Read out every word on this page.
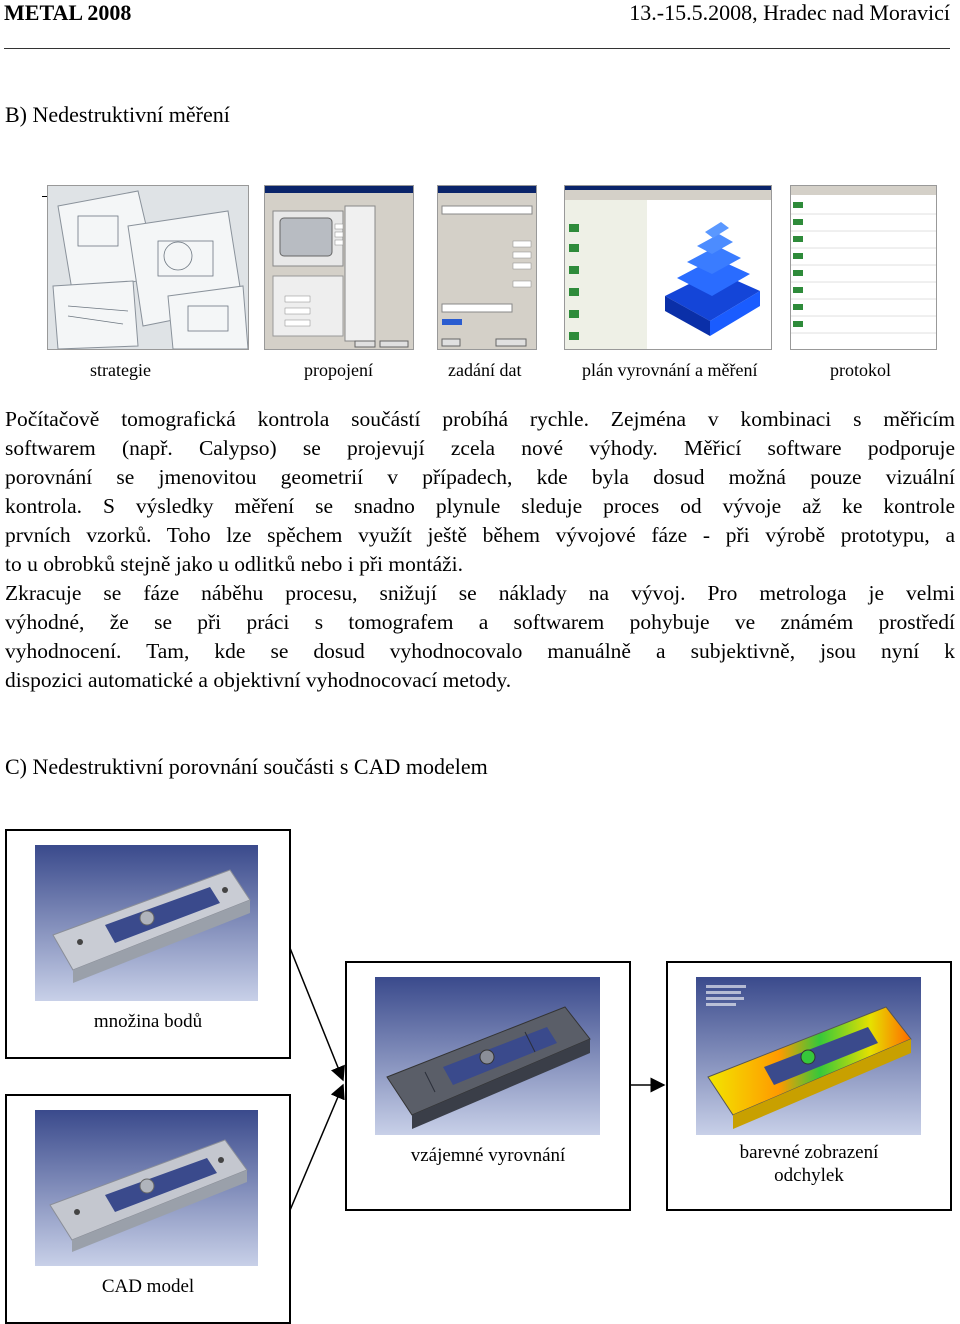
METAL 2008	13.-15.5.2008, Hradec nad Moravicí
B) Nedestruktivní měření
strategie	propojení	zadání dat	plán vyrovnání a měření	protokol
Počítačově tomografická kontrola součástí probíhá rychle. Zejména v kombinaci s měřicím
softwarem (např. Calypso) se projevují zcela nové výhody. Měřicí software podporuje
porovnání se jmenovitou geometrií v případech, kde byla dosud možná pouze vizuální
kontrola. S výsledky měření se snadno plynule sleduje proces od vývoje až ke kontrole
prvních vzorků. Toho lze spěchem využít ještě během vývojové fáze - při výrobě prototypu, a
to u obrobků stejně jako u odlitků nebo i při montáži.
Zkracuje se fáze náběhu procesu, snižují se náklady na vývoj. Pro metrologa je velmi
výhodné, že se při práci s tomografem a softwarem pohybuje ve známém prostředí
vyhodnocení. Tam, kde se dosud vyhodnocovalo manuálně a subjektivně, jsou nyní k
dispozici automatické a objektivní vyhodnocovací metody.
C) Nedestruktivní porovnání součásti s CAD modelem
množina bodů
CAD model
vzájemné vyrovnání	barevné zobrazení
odchylek
